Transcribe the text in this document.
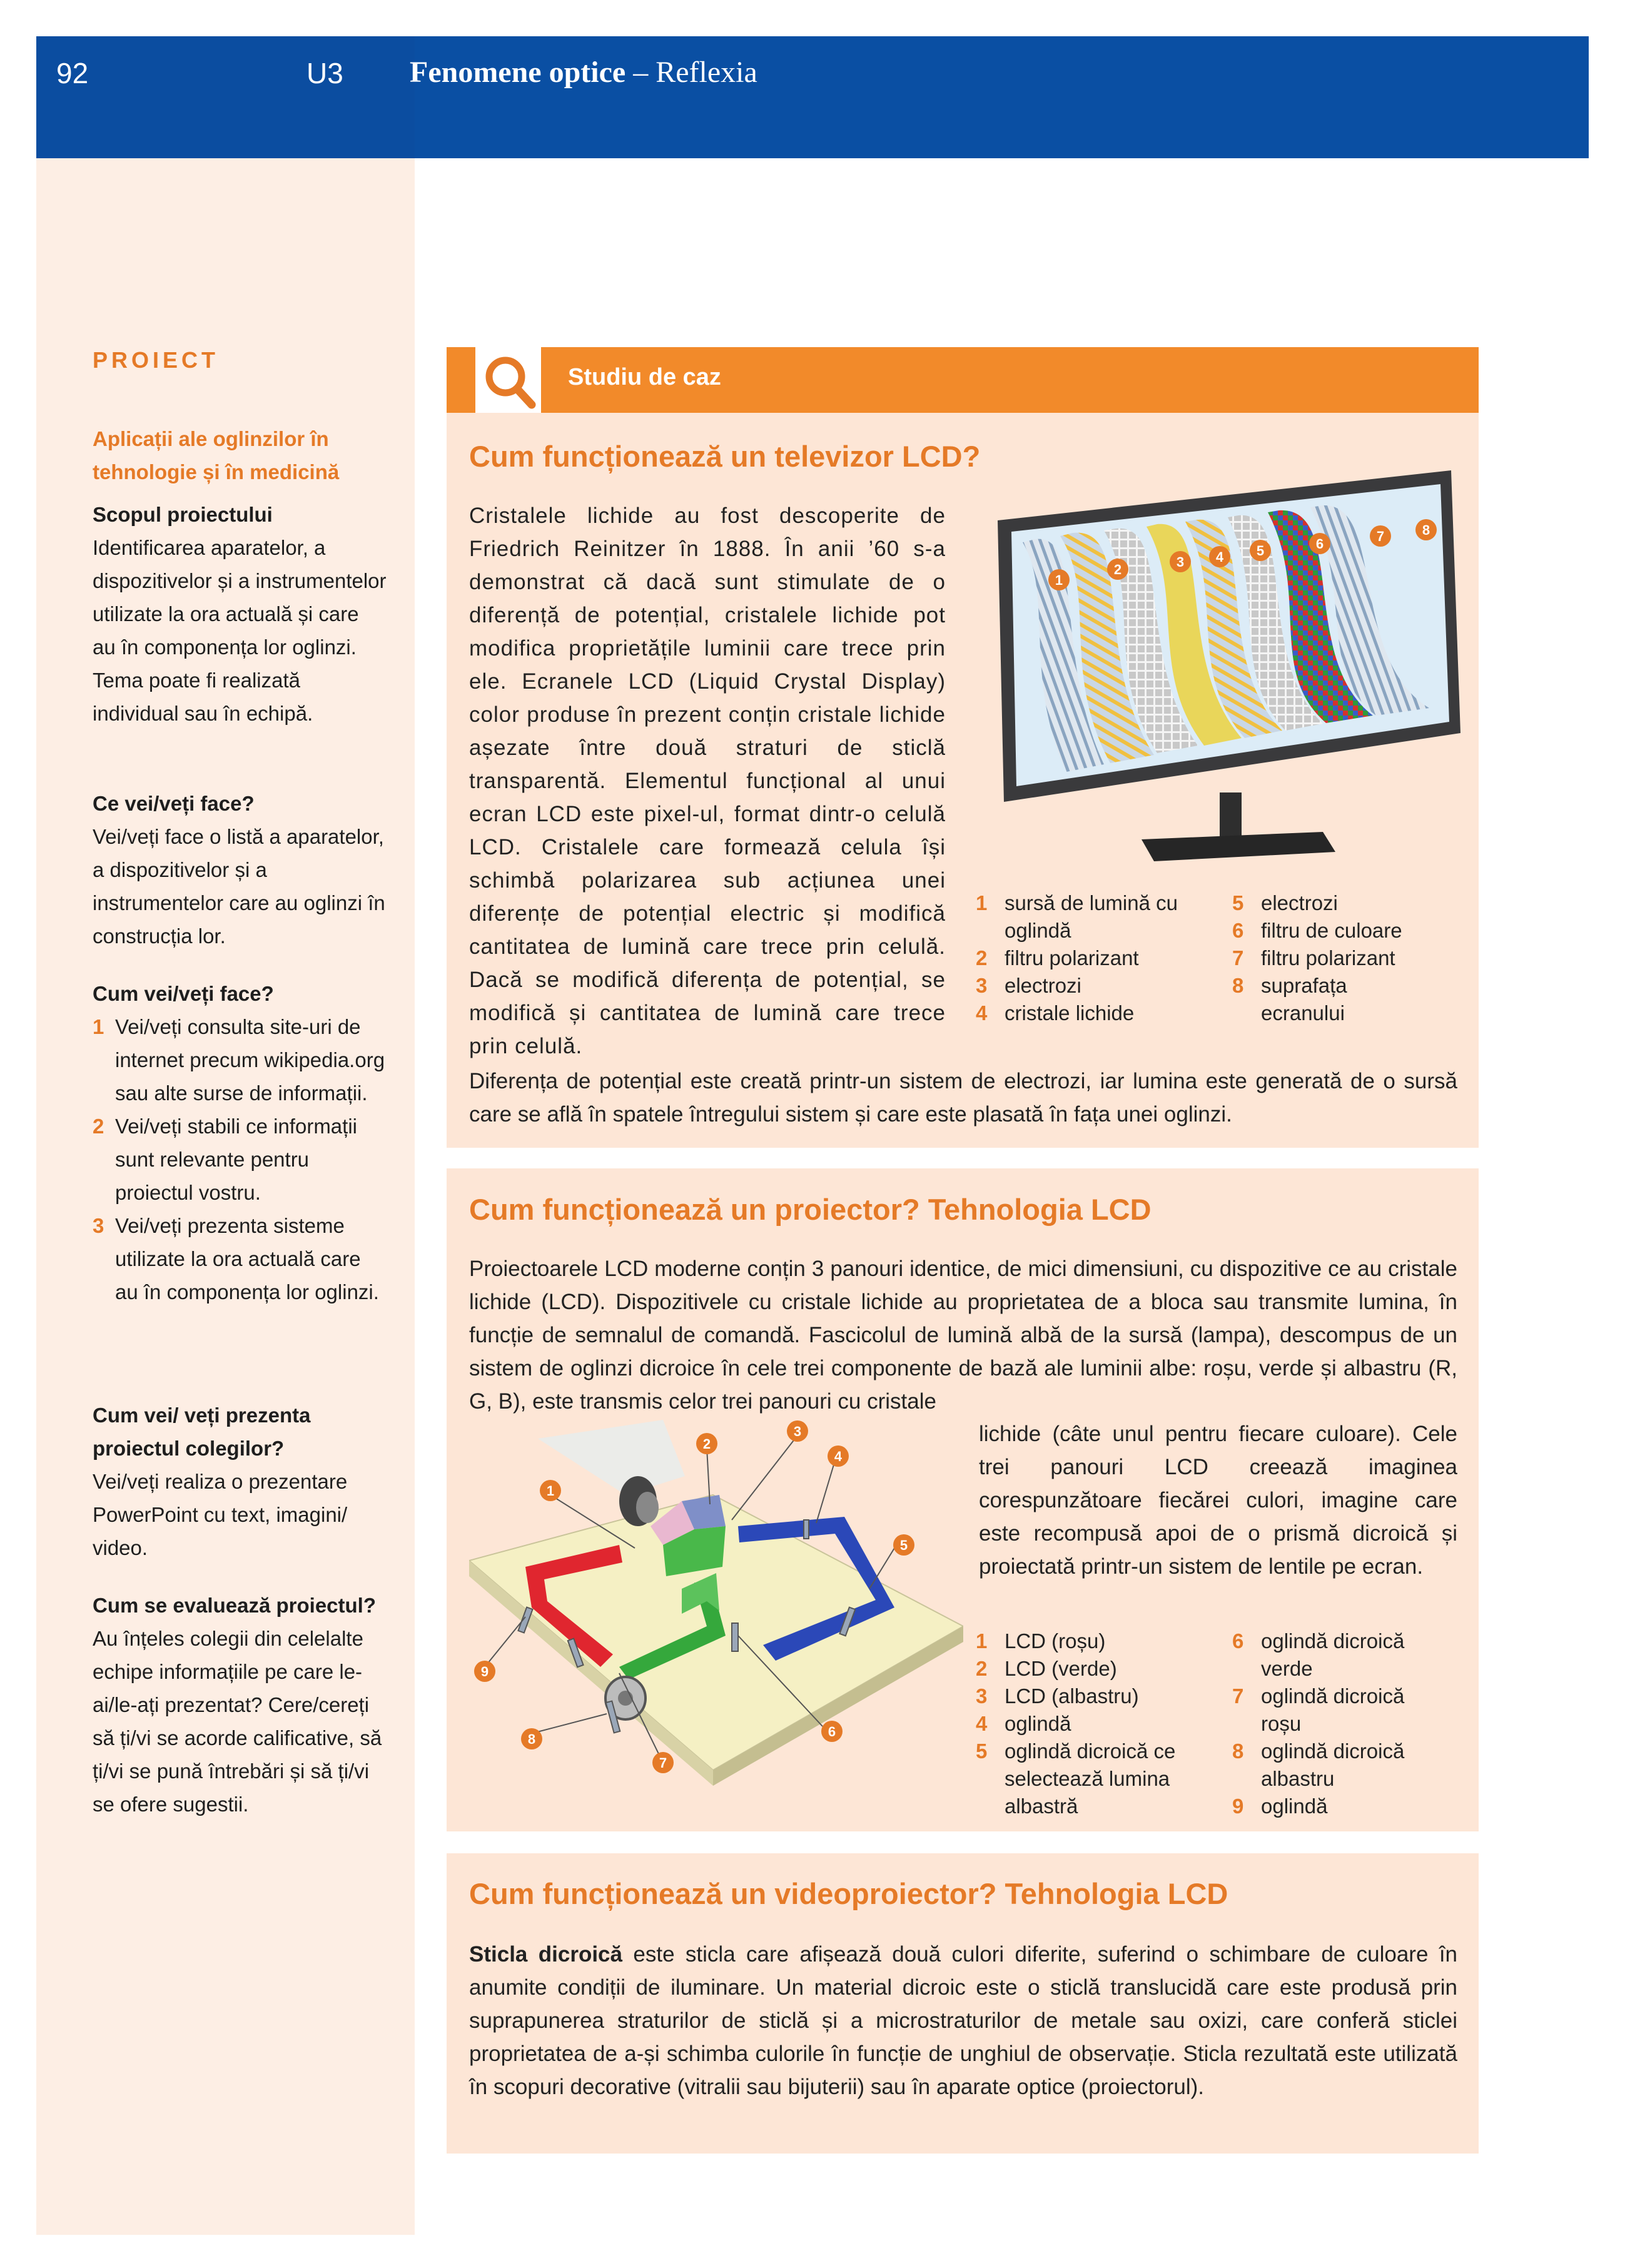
92	U3 Fenomene optice – Reflexia
PROIECT
Aplicații ale oglinzilor în tehnologie și în medicină
Scopul proiectului
Identificarea aparatelor, a dispozitivelor și a instrumentelor utilizate la ora actuală și care au în componența lor oglinzi. Tema poate fi realizată individual sau în echipă.
Ce vei/veți face?
Vei/veți face o listă a aparatelor, a dispozitivelor și a instrumentelor care au oglinzi în construcția lor.
Cum vei/veți face?
1 Vei/veți consulta site-uri de internet precum wikipedia.org sau alte surse de informații.
2 Vei/veți stabili ce informații sunt relevante pentru proiectul vostru.
3 Vei/veți prezenta sisteme utilizate la ora actuală care au în componența lor oglinzi.
Cum vei/ veți prezenta proiectul colegilor?
Vei/veți realiza o prezentare PowerPoint cu text, imagini/ video.
Cum se evaluează proiectul?
Au înțeles colegii din celelalte echipe informațiile pe care le-ai/le-ați prezentat? Cere/cereți să ți/vi se acorde calificative, să ți/vi se pună întrebări și să ți/vi se ofere sugestii.
Studiu de caz
Cum funcționează un televizor LCD?
Cristalele lichide au fost descoperite de Friedrich Reinitzer în 1888. În anii ’60 s-a demonstrat că dacă sunt stimulate de o diferență de potențial, cristalele lichide pot modifica proprietățile luminii care trece prin ele. Ecranele LCD (Liquid Crystal Display) color produse în prezent conțin cristale lichide așezate între două straturi de sticlă transparentă. Elementul funcțional al unui ecran LCD este pixel-ul, format dintr-o celulă LCD. Cristalele care formează celula își schimbă polarizarea sub acțiunea unei diferențe de potențial electric și modifică cantitatea de lumină care trece prin celulă. Dacă se modifică diferența de potențial, se modifică și cantitatea de lumină care trece prin celulă.
Diferența de potențial este creată printr-un sistem de electrozi, iar lumina este generată de o sursă care se află în spatele întregului sistem și care este plasată în fața unei oglinzi.
1
2	3 4 5	6	7	8
1 sursă de lumină cu oglindă
2 filtru polarizant
3 electrozi
4 cristale lichide
5 electrozi
6 filtru de culoare
7 filtru polarizant
8 suprafața ecranului
Cum funcționează un proiector? Tehnologia LCD
Proiectoarele LCD moderne conțin 3 panouri identice, de mici dimensiuni, cu dispozitive ce au cristale lichide (LCD). Dispozitivele cu cristale lichide au proprietatea de a bloca sau transmite lumina, în funcție de semnalul de comandă. Fascicolul de lumină albă de la sursă (lampa), descompus de un sistem de oglinzi dicroice în cele trei componente de bază ale luminii albe: roșu, verde și albastru (R, G, B), este transmis celor trei panouri cu cristale
lichide (câte unul pentru fiecare culoare). Cele trei panouri LCD creează imaginea corespunzătoare fiecărei culori, imagine care este recompusă apoi de o prismă dicroică și proiectată printr-un sistem de lentile pe ecran.
1
2
3
4
5
6
7
8
9
1 LCD (roșu)
2 LCD (verde)
3 LCD (albastru)
4 oglindă
5 oglindă dicroică ce selectează lumina albastră
6 oglindă dicroică verde
7 oglindă dicroică roșu
8 oglindă dicroică albastru
9 oglindă
Cum funcționează un videoproiector? Tehnologia LCD
Sticla dicroică este sticla care afișează două culori diferite, suferind o schimbare de culoare în anumite condiții de iluminare. Un material dicroic este o sticlă translucidă care este produsă prin suprapunerea straturilor de sticlă și a microstraturilor de metale sau oxizi, care conferă sticlei proprietatea de a-și schimba culorile în funcție de unghiul de observație. Sticla rezultată este utilizată în scopuri decorative (vitralii sau bijuterii) sau în aparate optice (proiectorul).
